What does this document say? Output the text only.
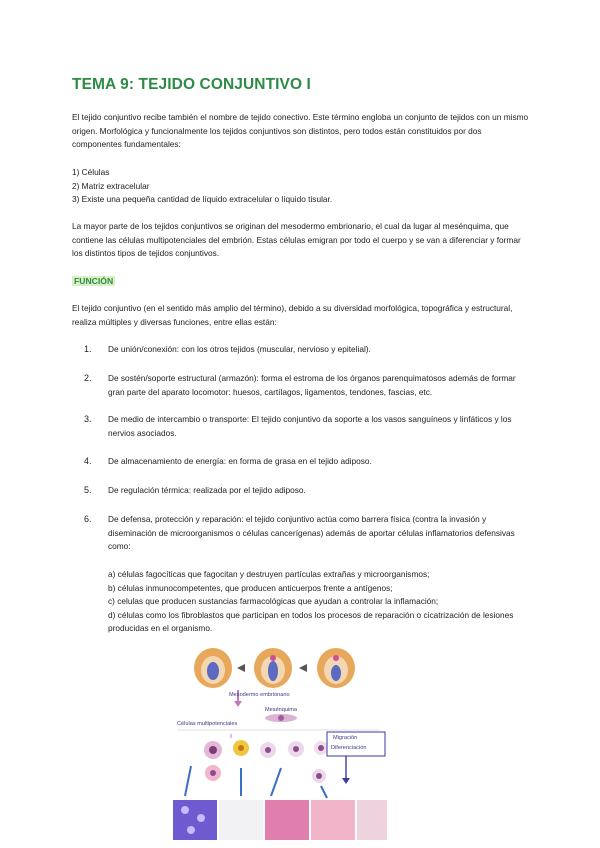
TEMA 9: TEJIDO CONJUNTIVO I
El tejido conjuntivo recibe también el nombre de tejido conectivo. Este término engloba un conjunto de tejidos con un mismo origen. Morfológica y funcionalmente los tejidos conjuntivos son distintos, pero todos están constituidos por dos componentes fundamentales:
1) Células
2) Matriz extracelular
3) Existe una pequeña cantidad de líquido extracelular o líquido tisular.
La mayor parte de los tejidos conjuntivos se originan del mesodermo embrionario, el cual da lugar al mesénquima, que contiene las células multipotenciales del embrión. Estas células emigran por todo el cuerpo y se van a diferenciar y formar los distintos tipos de tejidos conjuntivos.
FUNCIÓN
El tejido conjuntivo (en el sentido más amplio del término), debido a su diversidad morfológica, topográfica y estructural, realiza múltiples y diversas funciones, entre ellas están:
1.	De unión/conexión: con los otros tejidos (muscular, nervioso y epitelial).
2.	De sostén/soporte estructural (armazón): forma el estroma de los órganos parenquimatosos además de formar gran parte del aparato locomotor: huesos, cartílagos, ligamentos, tendones, fascias, etc.
3.	De medio de intercambio o transporte: El tejido conjuntivo da soporte a los vasos sanguíneos y linfáticos y los nervios asociados.
4.	De almacenamiento de energía: en forma de grasa en el tejido adiposo.
5.	De regulación térmica: realizada por el tejido adiposo.
6.	De defensa, protección y reparación: el tejido conjuntivo actúa como barrera física (contra la invasión y diseminación de microorganismos o células cancerígenas) además de aportar células inflamatorios defensivas como:
a) células fagocíticas que fagocitan y destruyen partículas extrañas y microorganismos;
b) células inmunocompetentes, que producen anticuerpos frente a antígenos;
c) celulas que producen sustancias farmacológicas que ayudan a controlar la inflamación;
d) células como los fibroblastos que participan en todos los procesos de reparación o cicatrización de lesiones producidas en el organismo.
Mesodermo embrionario
Mesénquima
Células multipotenciales
Migración
Diferenciación
